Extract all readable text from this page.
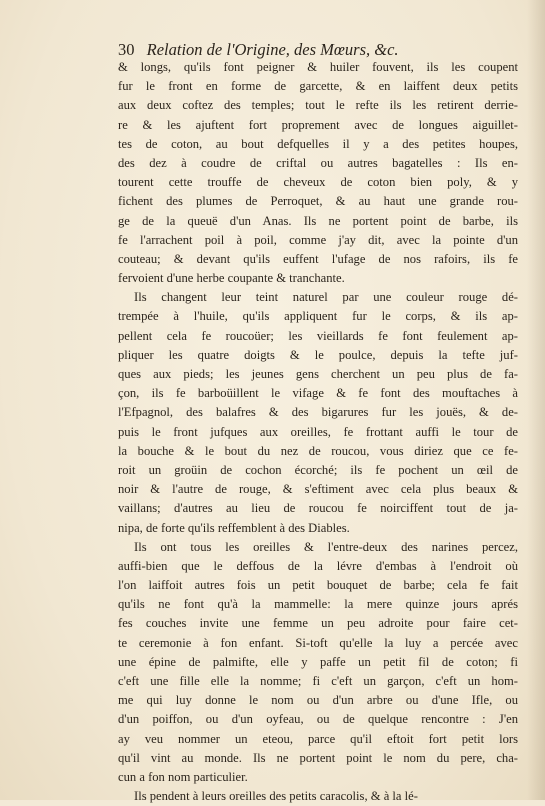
30 Relation de l'Origine, des Mœurs, &c.

& longs, qu'ils font peigner & huiler fouvent, ils les coupent
fur le front en forme de garcette, & en laiffent deux petits
aux deux coftez des temples; tout le refte ils les retirent derrie-
re & les ajuftent fort proprement avec de longues aiguillet-
tes de coton, au bout defquelles il y a des petites houpes,
des dez à coudre de criftal ou autres bagatelles : Ils en-
tourent cette trouffe de cheveux de coton bien poly, & y
fichent des plumes de Perroquet, & au haut une grande rou-
ge de la queuë d'un Anas. Ils ne portent point de barbe, ils
fe l'arrachent poil à poil, comme j'ay dit, avec la pointe d'un
couteau; & devant qu'ils euffent l'ufage de nos rafoirs, ils fe
fervoient d'une herbe coupante & tranchante.

Ils changent leur teint naturel par une couleur rouge dé-
trempée à l'huile, qu'ils appliquent fur le corps, & ils ap-
pellent cela fe roucoüer; les vieillards fe font feulement ap-
pliquer les quatre doigts & le poulce, depuis la tefte juf-
ques aux pieds; les jeunes gens cherchent un peu plus de fa-
çon, ils fe barboüillent le vifage & fe font des mouftaches à
l'Efpagnol, des balafres & des bigarures fur les jouës, & de-
puis le front jufques aux oreilles, fe frottant auffi le tour de
la bouche & le bout du nez de roucou, vous diriez que ce fe-
roit un groüin de cochon écorché; ils fe pochent un œil de
noir & l'autre de rouge, & s'eftiment avec cela plus beaux &
vaillans; d'autres au lieu de roucou fe noirciffent tout de ja-
nipa, de forte qu'ils reffemblent à des Diables.

Ils ont tous les oreilles & l'entre-deux des narines percez,
auffi-bien que le deffous de la lévre d'embas à l'endroit où
l'on laiffoit autres fois un petit bouquet de barbe; cela fe fait
qu'ils ne font qu'à la mammelle: la mere quinze jours aprés
fes couches invite une femme un peu adroite pour faire cet-
te ceremonie à fon enfant. Si-toft qu'elle la luy a percée avec
une épine de palmifte, elle y paffe un petit fil de coton; fi
c'eft une fille elle la nomme; fi c'eft un garçon, c'eft un hom-
me qui luy donne le nom ou d'un arbre ou d'une Ifle, ou
d'un poiffon, ou d'un oyfeau, ou de quelque rencontre : J'en
ay veu nommer un eteou, parce qu'il eftoit fort petit lors
qu'il vint au monde. Ils ne portent point le nom du pere, cha-
cun a fon nom particulier.

Ils pendent à leurs oreilles des petits caracolis, & à la lé-
